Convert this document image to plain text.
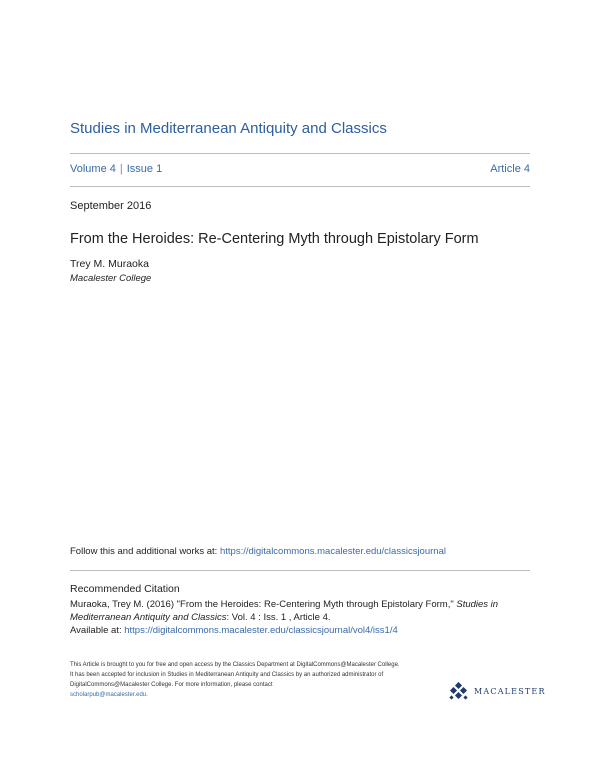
Studies in Mediterranean Antiquity and Classics
Volume 4 | Issue 1	Article 4
September 2016
From the Heroides: Re-Centering Myth through Epistolary Form
Trey M. Muraoka
Macalester College
Follow this and additional works at: https://digitalcommons.macalester.edu/classicsjournal
Recommended Citation
Muraoka, Trey M. (2016) "From the Heroides: Re-Centering Myth through Epistolary Form," Studies in Mediterranean Antiquity and Classics: Vol. 4 : Iss. 1 , Article 4.
Available at: https://digitalcommons.macalester.edu/classicsjournal/vol4/iss1/4
This Article is brought to you for free and open access by the Classics Department at DigitalCommons@Macalester College. It has been accepted for inclusion in Studies in Mediterranean Antiquity and Classics by an authorized administrator of DigitalCommons@Macalester College. For more information, please contact
scholarpub@macalester.edu.	MACALESTER
